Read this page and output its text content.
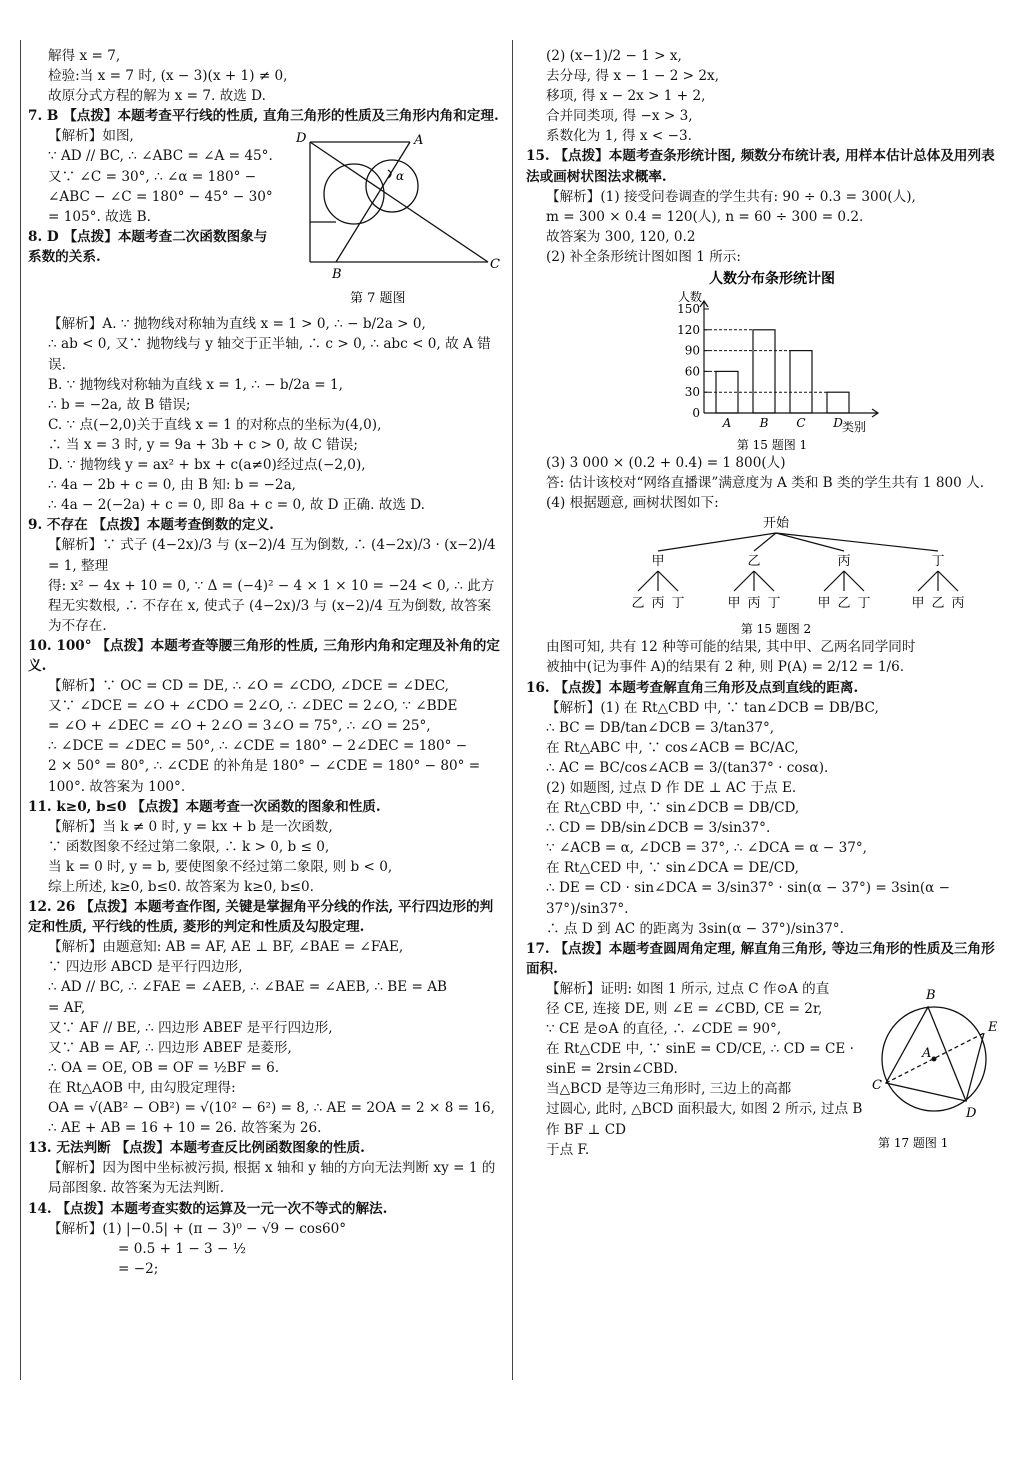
解得 x = 7,
检验:当 x = 7 时, (x − 3)(x + 1) ≠ 0,
故原分式方程的解为 x = 7. 故选 D.
7. B 【点拨】本题考查平行线的性质, 直角三角形的性质及三角形内角和定理.
D	A
α
B
C
第 7 题图
【解析】如图,
∵ AD // BC, ∴ ∠ABC = ∠A = 45°.
又∵ ∠C = 30°, ∴ ∠α = 180° −
∠ABC − ∠C = 180° − 45° − 30°
= 105°. 故选 B.
8. D 【点拨】本题考查二次函数图象与系数的关系.
【解析】A. ∵ 抛物线对称轴为直线 x = 1 > 0, ∴ − b/2a > 0,
∴ ab < 0, 又∵ 抛物线与 y 轴交于正半轴, ∴ c > 0, ∴ abc < 0, 故 A 错误.
B. ∵ 抛物线对称轴为直线 x = 1, ∴ − b/2a = 1,
∴ b = −2a, 故 B 错误;
C. ∵ 点(−2,0)关于直线 x = 1 的对称点的坐标为(4,0),
∴ 当 x = 3 时, y = 9a + 3b + c > 0, 故 C 错误;
D. ∵ 抛物线 y = ax² + bx + c(a≠0)经过点(−2,0),
∴ 4a − 2b + c = 0, 由 B 知: b = −2a,
∴ 4a − 2(−2a) + c = 0, 即 8a + c = 0, 故 D 正确. 故选 D.
9. 不存在 【点拨】本题考查倒数的定义.
【解析】∵ 式子 (4−2x)/3 与 (x−2)/4 互为倒数, ∴ (4−2x)/3 · (x−2)/4 = 1, 整理
得: x² − 4x + 10 = 0, ∵ Δ = (−4)² − 4 × 1 × 10 = −24 < 0, ∴ 此方
程无实数根, ∴ 不存在 x, 使式子 (4−2x)/3 与 (x−2)/4 互为倒数, 故答案
为不存在.
10. 100° 【点拨】本题考查等腰三角形的性质, 三角形内角和定理及补角的定义.
【解析】∵ OC = CD = DE, ∴ ∠O = ∠CDO, ∠DCE = ∠DEC,
又∵ ∠DCE = ∠O + ∠CDO = 2∠O, ∴ ∠DEC = 2∠O, ∵ ∠BDE
= ∠O + ∠DEC = ∠O + 2∠O = 3∠O = 75°, ∴ ∠O = 25°,
∴ ∠DCE = ∠DEC = 50°, ∴ ∠CDE = 180° − 2∠DEC = 180° −
2 × 50° = 80°, ∴ ∠CDE 的补角是 180° − ∠CDE = 180° − 80° =
100°. 故答案为 100°.
11. k≥0, b≤0 【点拨】本题考查一次函数的图象和性质.
【解析】当 k ≠ 0 时, y = kx + b 是一次函数,
∵ 函数图象不经过第二象限, ∴ k > 0, b ≤ 0,
当 k = 0 时, y = b, 要使图象不经过第二象限, 则 b < 0,
综上所述, k≥0, b≤0. 故答案为 k≥0, b≤0.
12. 26 【点拨】本题考查作图, 关键是掌握角平分线的作法, 平行四边形的判定和性质, 平行线的性质, 菱形的判定和性质及勾股定理.
【解析】由题意知: AB = AF, AE ⊥ BF, ∠BAE = ∠FAE,
∵ 四边形 ABCD 是平行四边形,
∴ AD // BC, ∴ ∠FAE = ∠AEB, ∴ ∠BAE = ∠AEB, ∴ BE = AB
= AF,
又∵ AF // BE, ∴ 四边形 ABEF 是平行四边形,
又∵ AB = AF, ∴ 四边形 ABEF 是菱形,
∴ OA = OE, OB = OF = ½BF = 6.
在 Rt△AOB 中, 由勾股定理得:
OA = √(AB² − OB²) = √(10² − 6²) = 8, ∴ AE = 2OA = 2 × 8 = 16,
∴ AE + AB = 16 + 10 = 26. 故答案为 26.
13. 无法判断 【点拨】本题考查反比例函数图象的性质.
【解析】因为图中坐标被污损, 根据 x 轴和 y 轴的方向无法判断 xy = 1 的局部图象. 故答案为无法判断.
14. 【点拨】本题考查实数的运算及一元一次不等式的解法.
【解析】(1) |−0.5| + (π − 3)⁰ − √9 − cos60°
= 0.5 + 1 − 3 − ½
= −2;
(2) (x−1)/2 − 1 > x,
去分母, 得 x − 1 − 2 > 2x,
移项, 得 x − 2x > 1 + 2,
合并同类项, 得 −x > 3,
系数化为 1, 得 x < −3.
15. 【点拨】本题考查条形统计图, 频数分布统计表, 用样本估计总体及用列表法或画树状图法求概率.
【解析】(1) 接受问卷调查的学生共有: 90 ÷ 0.3 = 300(人),
m = 300 × 0.4 = 120(人), n = 60 ÷ 300 = 0.2.
故答案为 300, 120, 0.2
(2) 补全条形统计图如图 1 所示:
人数分布条形统计图
人数
类别
第 15 题图 1
0
30
60
90
120
150
A B C D
(3) 3 000 × (0.2 + 0.4) = 1 800(人)
答: 估计该校对“网络直播课”满意度为 A 类和 B 类的学生共有 1 800 人.
(4) 根据题意, 画树状图如下:
开始
甲
乙 丙 丁
乙
甲 丙 丁
丙
甲 乙 丁
丁
甲 乙 丙
第 15 题图 2
由图可知, 共有 12 种等可能的结果, 其中甲、乙两名同学同时
被抽中(记为事件 A)的结果有 2 种, 则 P(A) = 2/12 = 1/6.
16. 【点拨】本题考查解直角三角形及点到直线的距离.
【解析】(1) 在 Rt△CBD 中, ∵ tan∠DCB = DB/BC,
∴ BC = DB/tan∠DCB = 3/tan37°,
在 Rt△ABC 中, ∵ cos∠ACB = BC/AC,
∴ AC = BC/cos∠ACB = 3/(tan37° · cosα).
(2) 如题图, 过点 D 作 DE ⊥ AC 于点 E.
在 Rt△CBD 中, ∵ sin∠DCB = DB/CD,
∴ CD = DB/sin∠DCB = 3/sin37°.
∵ ∠ACB = α, ∠DCB = 37°, ∴ ∠DCA = α − 37°,
在 Rt△CED 中, ∵ sin∠DCA = DE/CD,
∴ DE = CD · sin∠DCA = 3/sin37° · sin(α − 37°) = 3sin(α − 37°)/sin37°.
∴ 点 D 到 AC 的距离为 3sin(α − 37°)/sin37°.
17. 【点拨】本题考查圆周角定理, 解直角三角形, 等边三角形的性质及三角形面积.
B
E
A
C
D
第 17 题图 1
【解析】证明: 如图 1 所示, 过点 C 作⊙A 的直
径 CE, 连接 DE, 则 ∠E = ∠CBD, CE = 2r,
∵ CE 是⊙A 的直径, ∴ ∠CDE = 90°,
在 Rt△CDE 中, ∵ sinE = CD/CE, ∴ CD = CE ·
sinE = 2rsin∠CBD.
当△BCD 是等边三角形时, 三边上的高都
过圆心, 此时, △BCD 面积最大, 如图 2 所示, 过点 B 作 BF ⊥ CD
于点 F.
